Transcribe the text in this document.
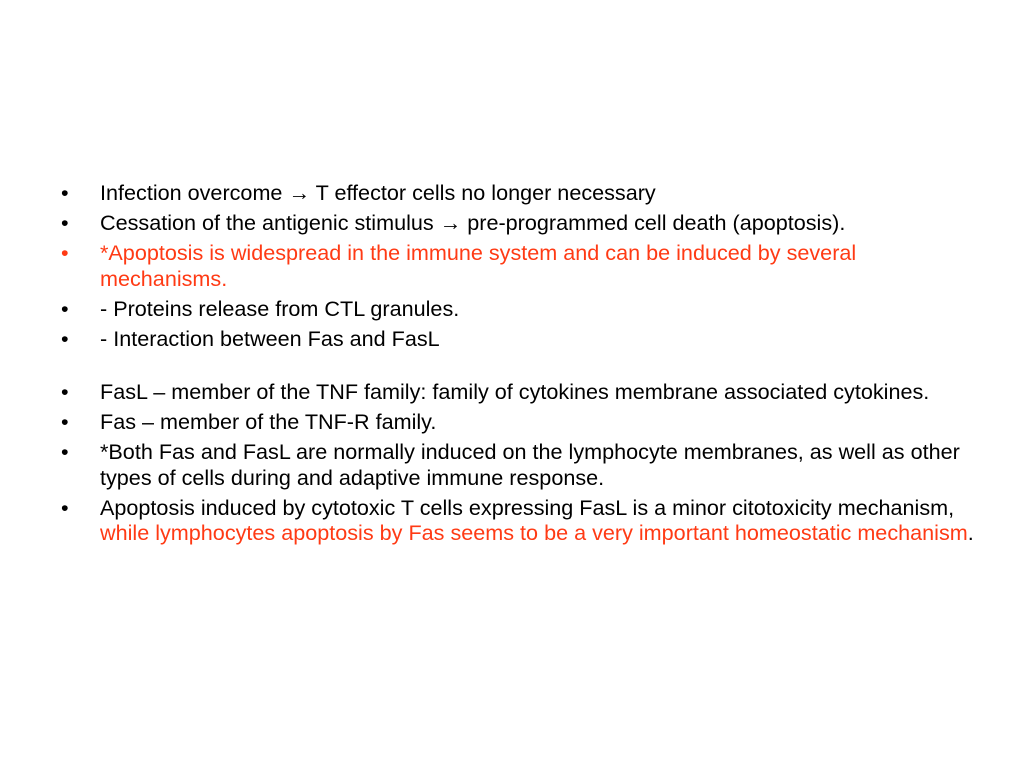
• Infection overcome → T effector cells no longer necessary
• Cessation of the antigenic stimulus → pre-programmed cell death (apoptosis).
• *Apoptosis is widespread in the immune system and can be induced by several mechanisms.
• - Proteins release from CTL granules.
• - Interaction between Fas and FasL
• FasL – member of the TNF family: family of cytokines membrane associated cytokines.
• Fas – member of the TNF-R family.
• *Both Fas and FasL are normally induced on the lymphocyte membranes, as well as other types of cells during and adaptive immune response.
• Apoptosis induced by cytotoxic T cells expressing FasL is a minor citotoxicity mechanism, while lymphocytes apoptosis by Fas seems to be a very important homeostatic mechanism.
